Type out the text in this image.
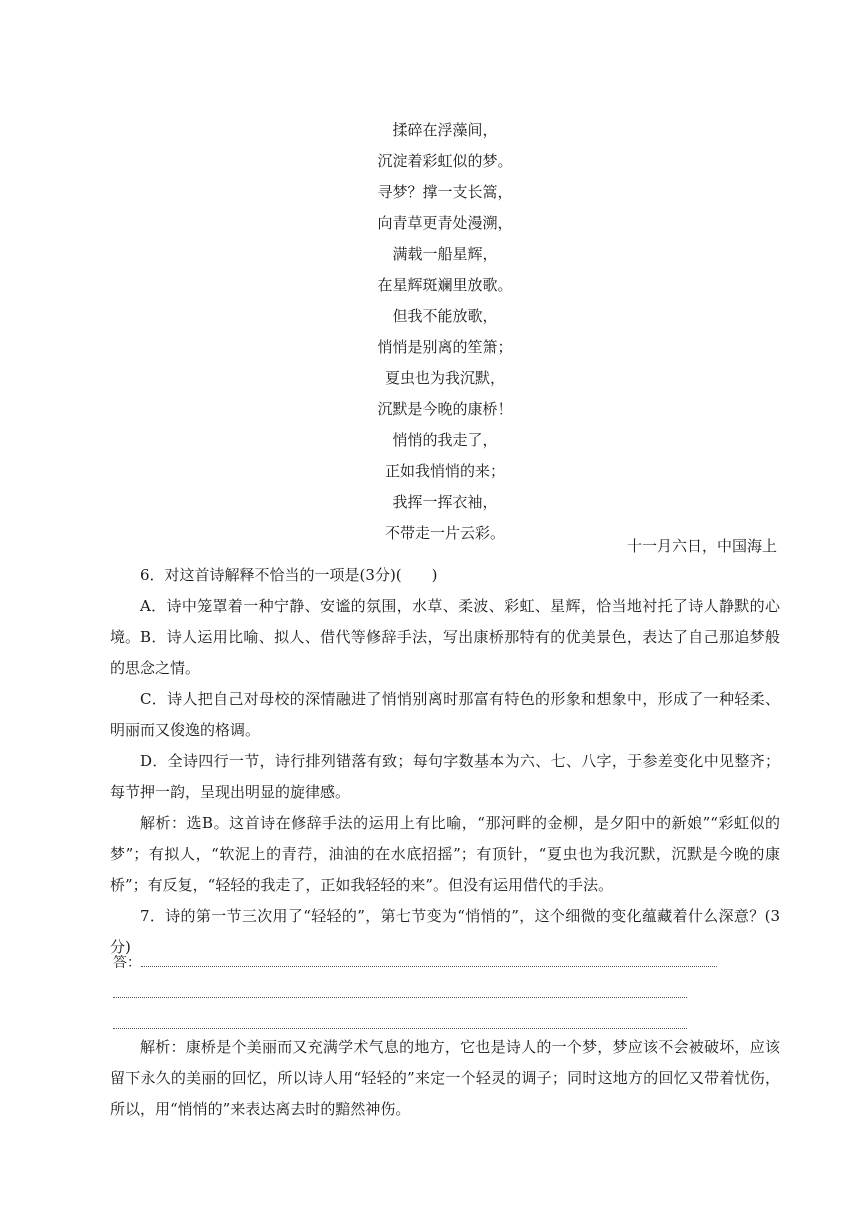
揉碎在浮藻间，
沉淀着彩虹似的梦。
寻梦？撑一支长篙，
向青草更青处漫溯，
满载一船星辉，
在星辉斑斓里放歌。
但我不能放歌，
悄悄是别离的笙箫；
夏虫也为我沉默，
沉默是今晚的康桥！
悄悄的我走了，
正如我悄悄的来；
我挥一挥衣袖，
不带走一片云彩。
十一月六日，中国海上
6．对这首诗解释不恰当的一项是(3分)(　　)
A．诗中笼罩着一种宁静、安谧的氛围，水草、柔波、彩虹、星辉，恰当地衬托了诗人静默的心境。 B．诗人运用比喻、拟人、借代等修辞手法，写出康桥那特有的优美景色，表达了自己那追梦般的思念之情。
C．诗人把自己对母校的深情融进了悄悄别离时那富有特色的形象和想象中，形成了一种轻柔、明丽而又俊逸的格调。
D．全诗四行一节，诗行排列错落有致；每句字数基本为六、七、八字，于参差变化中见整齐；每节押一韵，呈现出明显的旋律感。
解析：选B。这首诗在修辞手法的运用上有比喻，“那河畔的金柳，是夕阳中的新娘”“彩虹似的梦”；有拟人，“软泥上的青荇，油油的在水底招摇”；有顶针，“夏虫也为我沉默，沉默是今晚的康桥”；有反复，“轻轻的我走了，正如我轻轻的来”。但没有运用借代的手法。
7．诗的第一节三次用了“轻轻的”，第七节变为“悄悄的”，这个细微的变化蕴藏着什么深意？(3分)
答：
解析：康桥是个美丽而又充满学术气息的地方，它也是诗人的一个梦，梦应该不会被破坏，应该留下永久的美丽的回忆，所以诗人用“轻轻的”来定一个轻灵的调子；同时这地方的回忆又带着忧伤，所以，用“悄悄的”来表达离去时的黯然神伤。
